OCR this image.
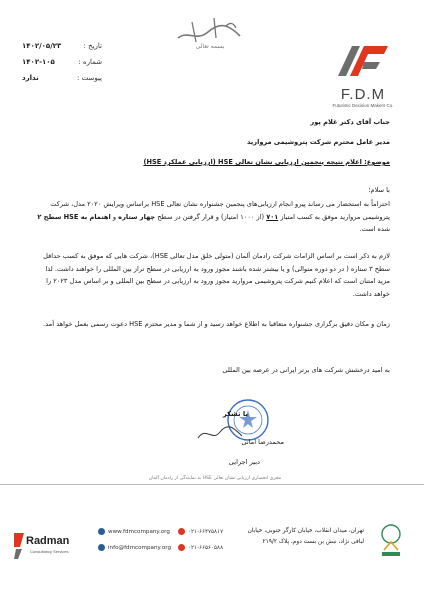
بسمه تعالی
تاریخ :
۱۴۰۲/۰۵/۲۳
شماره :
۱۴۰۲-۱۰۵
پیوست :
ندارد
F.D.M
Futuristic Decision Makers Co.
جناب آقای دکتر غلام پور
مدیر عامل محترم شرکت پتروشیمی مروارید
موضوع: اعلام نتیجه پنجمین ارزیابی نشان تعالی HSE (ارزیابی عملکرد HSE)
با سلام؛
احتراماً به استحضار می رساند پیرو انجام ارزیابی‌های پنجمین جشنواره نشان تعالی HSE براساس ویرایش ۲۰۲۰ مدل، شرکت پتروشیمی مروارید موفق به کسب امتیاز ۷۰۱ (از ۱۰۰۰ امتیاز) و قرار گرفتن در سطح چهار ستاره و اهتمام به HSE سطح ۲ شده است.
لازم به ذکر است بر اساس الزامات شرکت رادمان آلمان (متولی خلق مدل تعالی HSE)، شرکت هایی که موفق به کسب حداقل سطح ۳ ستاره ( در دو دوره متوالی) و یا بیشتر شده باشند مجوز ورود به ارزیابی در سطح تراز بین المللی را خواهند داشت. لذا مزید امتنان است که اعلام کنیم شرکت پتروشیمی مروارید مجوز ورود به ارزیابی در سطح بین المللی و بر اساس مدل ۲۰۲۳ را خواهد داشت.
زمان و مکان دقیق برگزاری جشنواره متعاقبا به اطلاع خواهد رسید و از شما و مدیر محترم HSE دعوت رسمی بعمل خواهد آمد.
به امید درخشش شرکت های برتر ایرانی در عرصه بین المللی
با تشکر
محمدرضا امانی
دبیر اجرایی
مجری انحصاری ارزیابی نشان تعالی HSE به نمایندگی از رادمان آلمان
Radman
Consultancy Services
www.fdmcompany.org
info@fdmcompany.org
۰۲۱-۶۶۴۷۵۸۱۷
۰۲۱-۶۶۵۶۰۵۸۸
تهران، میدان انقلاب، خیابان کارگر جنوبی، خیابان
لبافی نژاد، نبش بن بست دوم، پلاک ۲۱۹/۲
